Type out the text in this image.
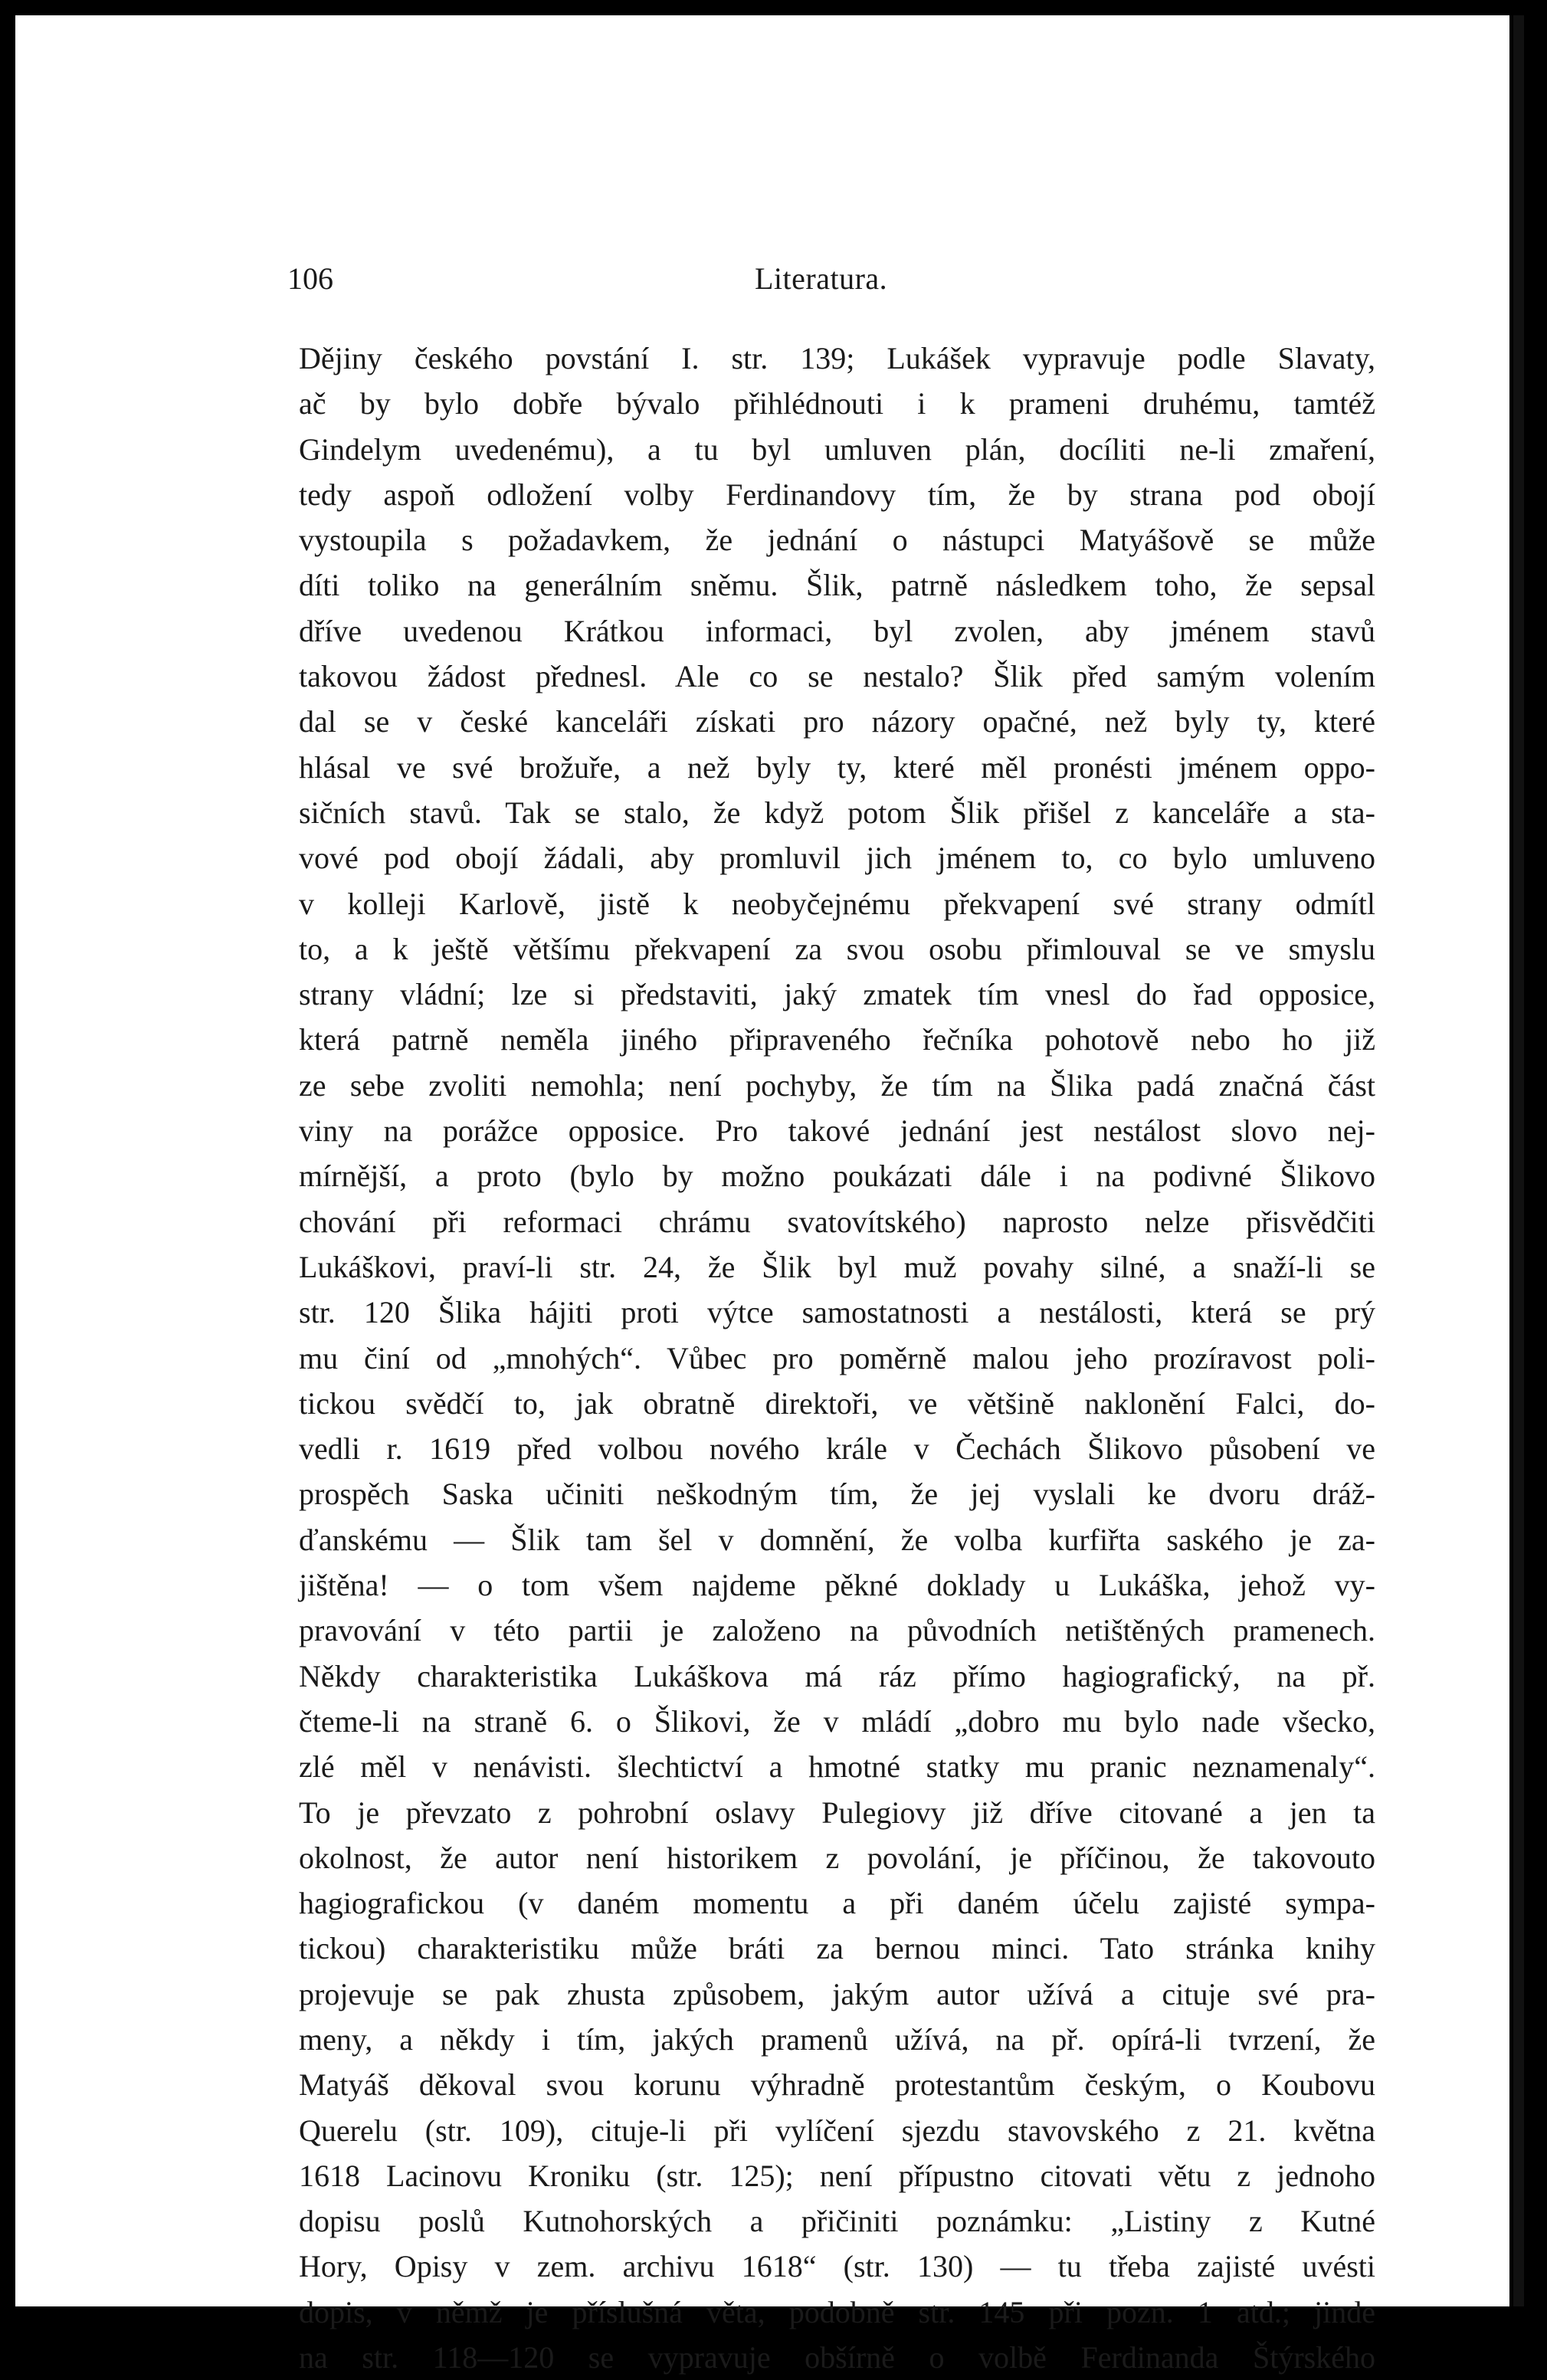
106	Literatura.
Dějiny českého povstání I. str. 139; Lukášek vypravuje podle Slavaty,
ač by bylo dobře bývalo přihlédnouti i k prameni druhému, tamtéž
Gindelym uvedenému), a tu byl umluven plán, docíliti ne-li zmaření,
tedy aspoň odložení volby Ferdinandovy tím, že by strana pod obojí
vystoupila s požadavkem, že jednání o nástupci Matyášově se může
díti toliko na generálním sněmu. Šlik, patrně následkem toho, že sepsal
dříve uvedenou Krátkou informaci, byl zvolen, aby jménem stavů
takovou žádost přednesl. Ale co se nestalo? Šlik před samým volením
dal se v české kanceláři získati pro názory opačné, než byly ty, které
hlásal ve své brožuře, a než byly ty, které měl pronésti jménem oppo-
sičních stavů. Tak se stalo, že když potom Šlik přišel z kanceláře a sta-
vové pod obojí žádali, aby promluvil jich jménem to, co bylo umluveno
v kolleji Karlově, jistě k neobyčejnému překvapení své strany odmítl
to, a k ještě většímu překvapení za svou osobu přimlouval se ve smyslu
strany vládní; lze si představiti, jaký zmatek tím vnesl do řad opposice,
která patrně neměla jiného připraveného řečníka pohotově nebo ho již
ze sebe zvoliti nemohla; není pochyby, že tím na Šlika padá značná část
viny na porážce opposice. Pro takové jednání jest nestálost slovo nej-
mírnější, a proto (bylo by možno poukázati dále i na podivné Šlikovo
chování při reformaci chrámu svatovítského) naprosto nelze přisvědčiti
Lukáškovi, praví-li str. 24, že Šlik byl muž povahy silné, a snaží-li se
str. 120 Šlika hájiti proti výtce samostatnosti a nestálosti, která se prý
mu činí od „mnohých“. Vůbec pro poměrně malou jeho prozíravost poli-
tickou svědčí to, jak obratně direktoři, ve většině naklonění Falci, do-
vedli r. 1619 před volbou nového krále v Čechách Šlikovo působení ve
prospěch Saska učiniti neškodným tím, že jej vyslali ke dvoru dráž-
ďanskému — Šlik tam šel v domnění, že volba kurfiřta saského je za-
jištěna! — o tom všem najdeme pěkné doklady u Lukáška, jehož vy-
pravování v této partii je založeno na původních netištěných pramenech.
Někdy charakteristika Lukáškova má ráz přímo hagiografický, na př.
čteme-li na straně 6. o Šlikovi, že v mládí „dobro mu bylo nade všecko,
zlé měl v nenávisti. šlechtictví a hmotné statky mu pranic neznamenaly“.
To je převzato z pohrobní oslavy Pulegiovy již dříve citované a jen ta
okolnost, že autor není historikem z povolání, je příčinou, že takovouto
hagiografickou (v daném momentu a při daném účelu zajisté sympa-
tickou) charakteristiku může bráti za bernou minci. Tato stránka knihy
projevuje se pak zhusta způsobem, jakým autor užívá a cituje své pra-
meny, a někdy i tím, jakých pramenů užívá, na př. opírá-li tvrzení, že
Matyáš děkoval svou korunu výhradně protestantům českým, o Koubovu
Querelu (str. 109), cituje-li při vylíčení sjezdu stavovského z 21. května
1618 Lacinovu Kroniku (str. 125); není přípustno citovati větu z jednoho
dopisu poslů Kutnohorských a přičiniti poznámku: „Listiny z Kutné
Hory, Opisy v zem. archivu 1618“ (str. 130) — tu třeba zajisté uvésti
dopis, v němž je příslušná věta, podobně str. 145 při pozn. 1 atd.; jinde
na str. 118—120 se vypravuje obšírně o volbě Ferdinanda Štýrského
